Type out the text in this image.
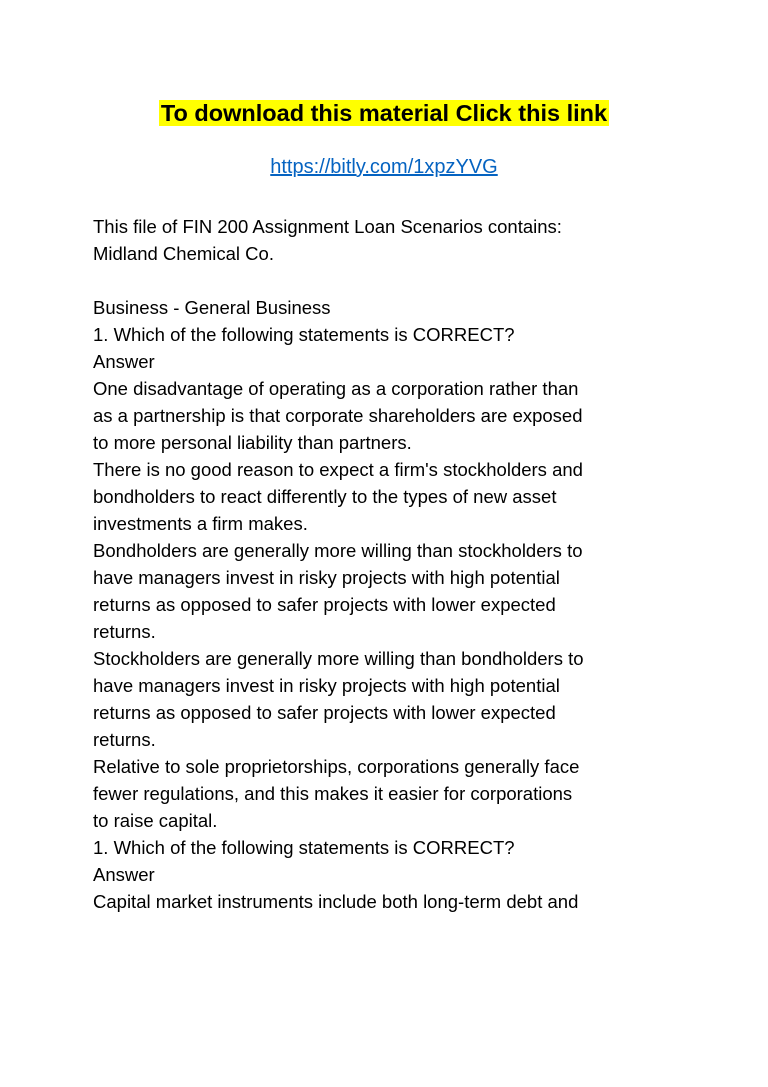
To download this material Click this link
https://bitly.com/1xpzYVG
This file of FIN 200 Assignment Loan Scenarios contains:
Midland Chemical Co.
Business - General Business
1. Which of the following statements is CORRECT?
Answer
One disadvantage of operating as a corporation rather than
as a partnership is that corporate shareholders are exposed
to more personal liability than partners.
There is no good reason to expect a firm's stockholders and
bondholders to react differently to the types of new asset
investments a firm makes.
Bondholders are generally more willing than stockholders to
have managers invest in risky projects with high potential
returns as opposed to safer projects with lower expected
returns.
Stockholders are generally more willing than bondholders to
have managers invest in risky projects with high potential
returns as opposed to safer projects with lower expected
returns.
Relative to sole proprietorships, corporations generally face
fewer regulations, and this makes it easier for corporations
to raise capital.
1. Which of the following statements is CORRECT?
Answer
Capital market instruments include both long-term debt and
